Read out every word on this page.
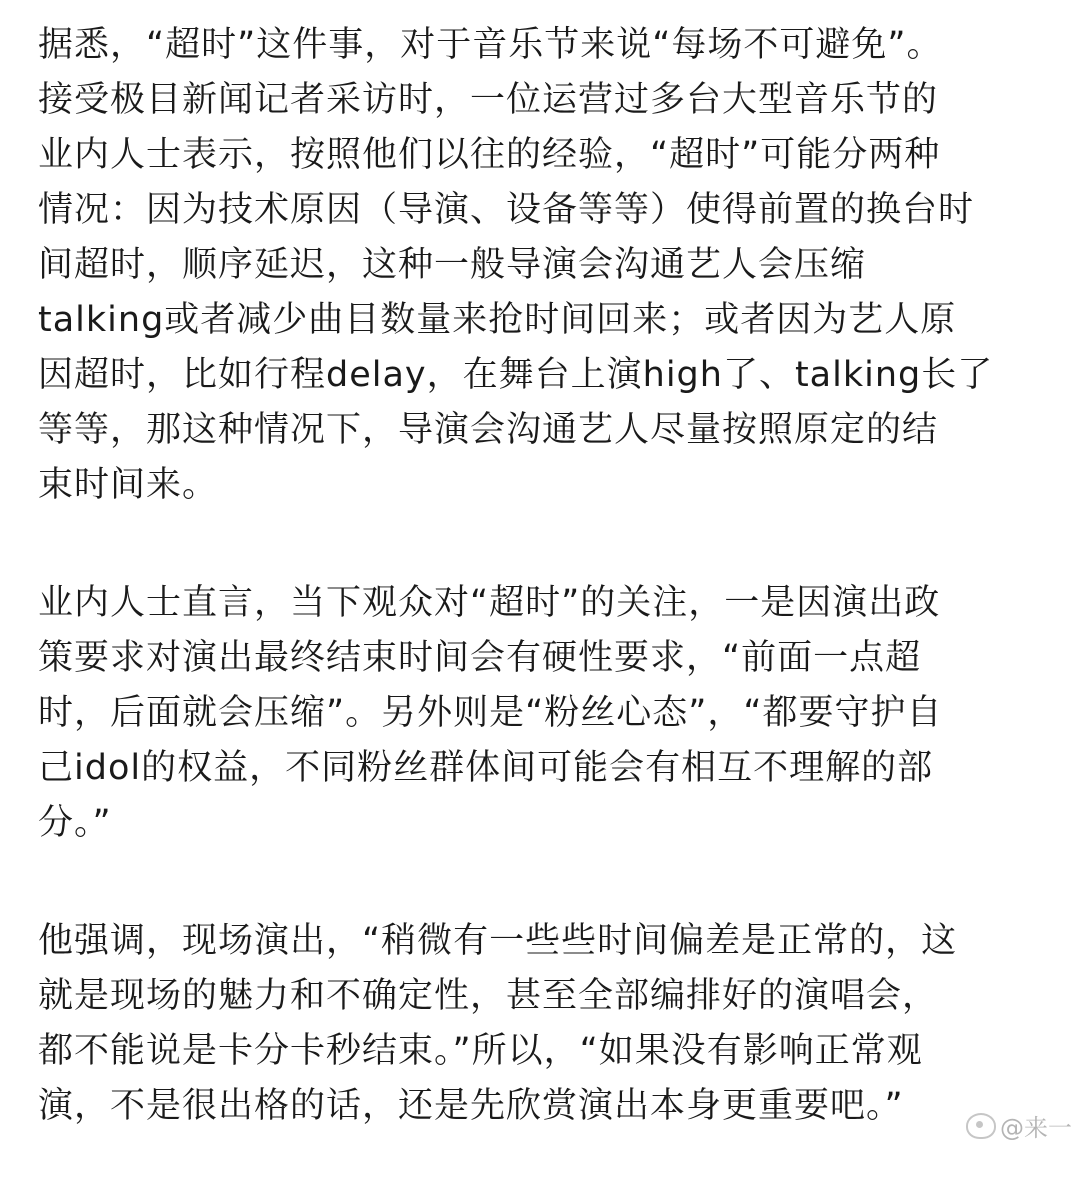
据悉，“超时”这件事，对于音乐节来说“每场不可避免”。
接受极目新闻记者采访时，一位运营过多台大型音乐节的
业内人士表示，按照他们以往的经验，“超时”可能分两种
情况：因为技术原因（导演、设备等等）使得前置的换台时
间超时，顺序延迟，这种一般导演会沟通艺人会压缩
talking或者减少曲目数量来抢时间回来；或者因为艺人原
因超时，比如行程delay，在舞台上演high了、talking长了
等等，那这种情况下，导演会沟通艺人尽量按照原定的结
束时间来。
业内人士直言，当下观众对“超时”的关注，一是因演出政
策要求对演出最终结束时间会有硬性要求，“前面一点超
时，后面就会压缩”。另外则是“粉丝心态”，“都要守护自
己idol的权益，不同粉丝群体间可能会有相互不理解的部
分。”
他强调，现场演出，“稍微有一些些时间偏差是正常的，这
就是现场的魅力和不确定性，甚至全部编排好的演唱会，
都不能说是卡分卡秒结束。”所以，“如果没有影响正常观
演，不是很出格的话，还是先欣赏演出本身更重要吧。”
@来一
